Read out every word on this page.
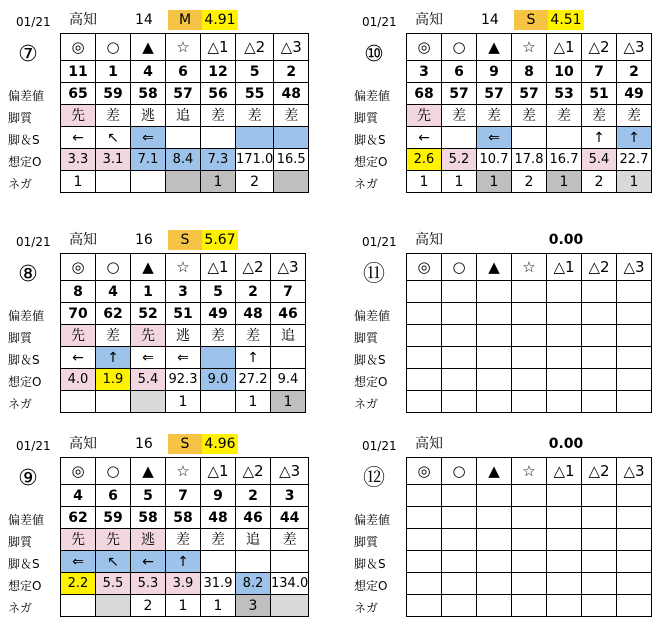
01/21 高知	14	M 4.91
⑦
偏差値
脚質
脚＆S
想定O
ネガ
◎	○	▲	☆	△1	△2	△3
11	1	4	6	12	5	2
65	59	58	57	56	55	48
先	差	逃	追	差	差	差
←	↖	⇐				
3.3	3.1	7.1	8.4	7.3	171.0	16.5
1				1	2	
01/21 高知	14	S	4.51
⑩
偏差値
脚質
脚＆S
想定O
ネガ
◎	○	▲	☆	△1	△2	△3
3	6	9	8	10	7	2
68	57	57	57	53	51	49
先	差	差	差	差	差	差
←		⇐			↑	↑
2.6	5.2	10.7	17.8	16.7	5.4	22.7
1	1	1	2	1	2	1
01/21 高知	16	S	5.67
⑧
偏差値
脚質
脚＆S
想定O
ネガ
◎	○	▲	☆	△1	△2	△3
8	4	1	3	5	2	7
70	62	52	51	49	48	46
先	差	先	逃	差	差	追
←	↑	⇐	⇐		↑	
4.0	1.9	5.4	92.3	9.0	27.2	9.4
			1		1	1
01/21 高知	0.00
⑪
偏差値
脚質
脚＆S
想定O
ネガ
◎	○	▲	☆	△1	△2	△3

01/21 高知	16	S	4.96
⑨
偏差値
脚質
脚＆S
想定O
ネガ
◎	○	▲	☆	△1	△2	△3
4	6	5	7	9	2	3
62	59	58	58	48	46	44
先	先	逃	差	差	追	差
⇐	↖	←	↑			
2.2	5.5	5.3	3.9	31.9	8.2	134.0
		2	1	1	3	
01/21 高知	0.00
⑫
偏差値
脚質
脚＆S
想定O
ネガ
◎	○	▲	☆	△1	△2	△3
